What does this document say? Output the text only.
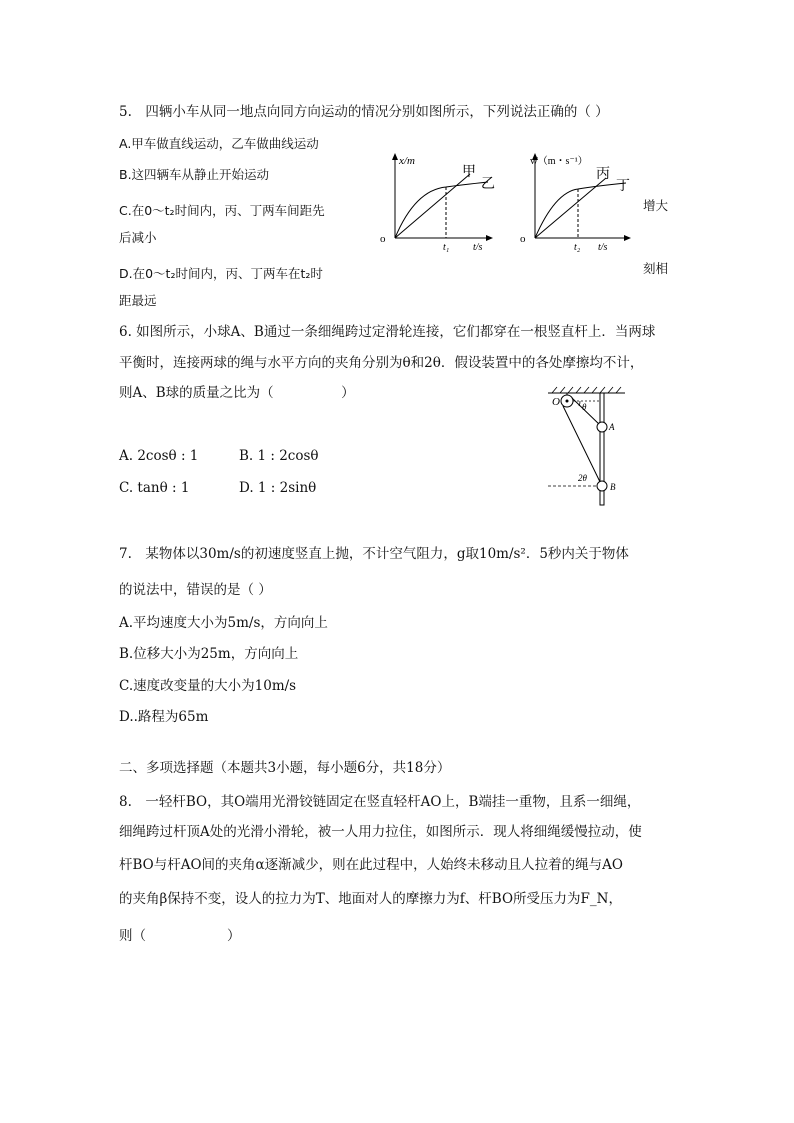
5.　四辆小车从同一地点向同方向运动的情况分别如图所示，下列说法正确的（ ）
A.甲车做直线运动，乙车做曲线运动
B.这四辆车从静止开始运动
C.在0～t₂时间内，丙、丁两车间距先
后减小
增大
D.在0～t₂时间内，丙、丁两车在t₂时
距最远
刻相
x/m
o
t₁ t/s
甲
乙
v/（m・s⁻¹）
o
t₂ t/s
丙
丁
6. 如图所示，小球A、B通过一条细绳跨过定滑轮连接，它们都穿在一根竖直杆上．当两球
平衡时，连接两球的绳与水平方向的夹角分别为θ和2θ．假设装置中的各处摩擦均不计，
则A、B球的质量之比为（　　　　　）
A. 2cosθ : 1	B. 1 : 2cosθ
C. tanθ : 1	D. 1 : 2sinθ
O θ
A
2θ
B
7.　某物体以30m/s的初速度竖直上抛，不计空气阻力，g取10m/s²．5秒内关于物体
的说法中，错误的是（ ）
A.平均速度大小为5m/s，方向向上
B.位移大小为25m，方向向上
C.速度改变量的大小为10m/s
D..路程为65m
二、多项选择题（本题共3小题，每小题6分，共18分）
8.　一轻杆BO，其O端用光滑铰链固定在竖直轻杆AO上，B端挂一重物，且系一细绳，
细绳跨过杆顶A处的光滑小滑轮，被一人用力拉住，如图所示．现人将细绳缓慢拉动，使
杆BO与杆AO间的夹角α逐渐减少，则在此过程中，人始终未移动且人拉着的绳与AO
的夹角β保持不变，设人的拉力为T、地面对人的摩擦力为f、杆BO所受压力为F_N，
则（　　　　　　）
